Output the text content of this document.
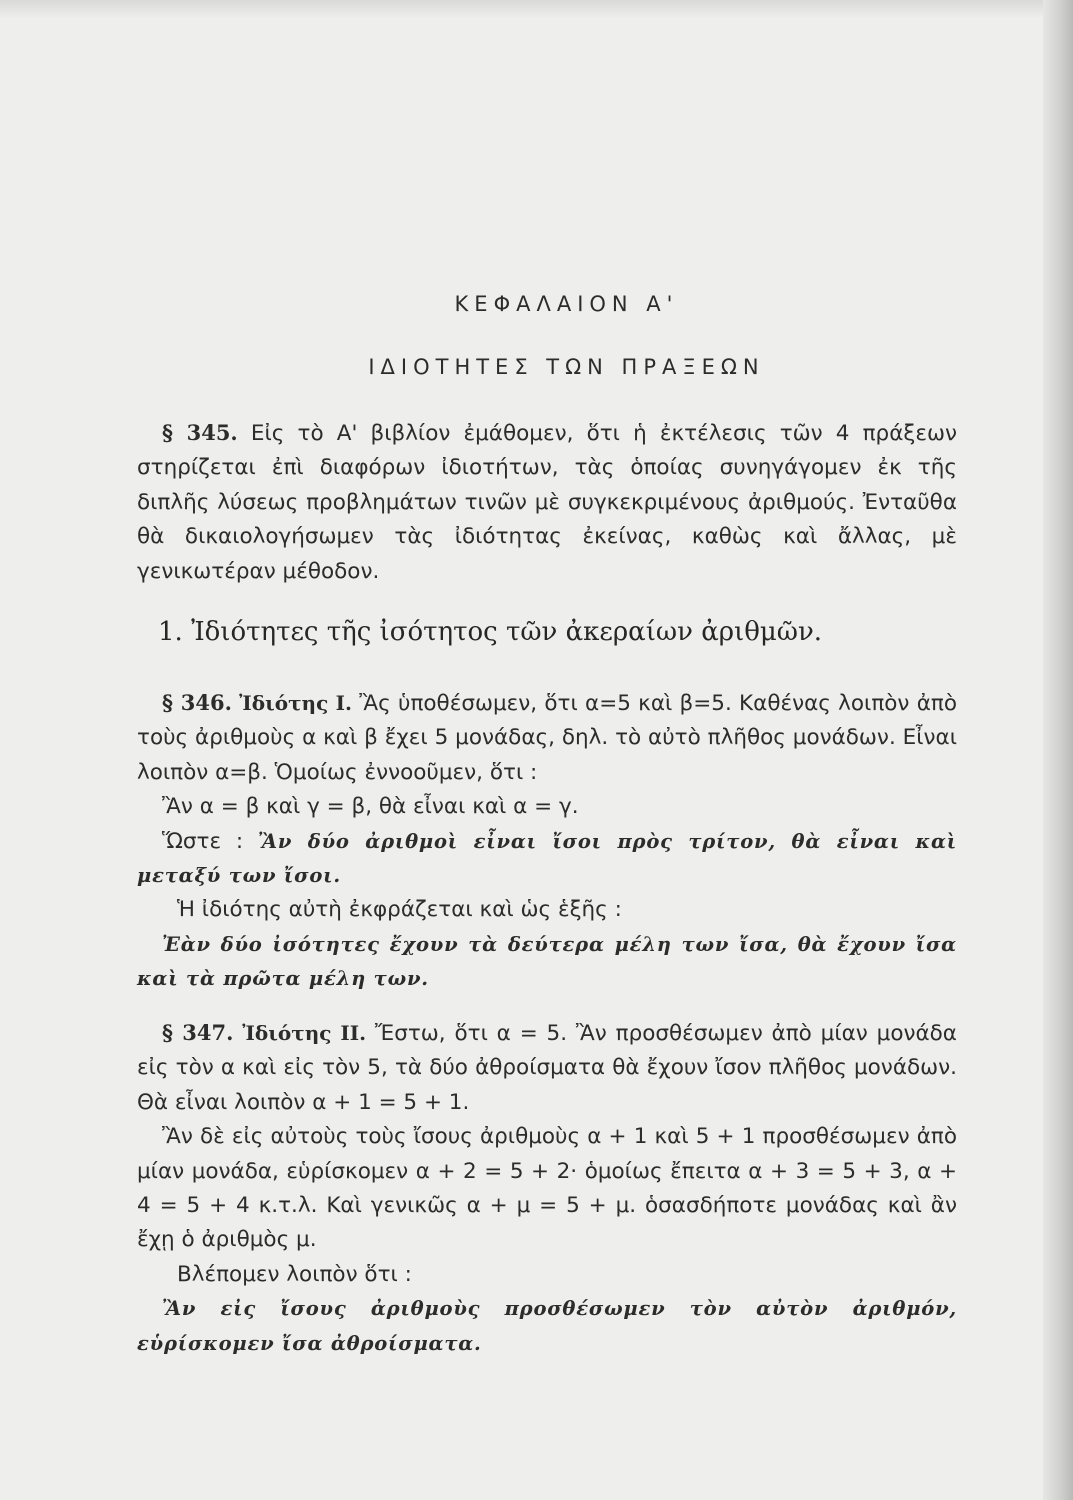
ΚΕΦΑΛΑΙΟΝ Α'
ΙΔΙΟΤΗΤΕΣ ΤΩΝ ΠΡΑΞΕΩΝ

§ 345. Εἰς τὸ Α' βιβλίον ἐμάθομεν, ὅτι ἡ ἐκτέλεσις τῶν 4 πράξεων στηρίζεται ἐπὶ διαφόρων ἰδιοτήτων, τὰς ὁποίας συνηγάγομεν ἐκ τῆς διπλῆς λύσεως προβλημάτων τινῶν μὲ συγκεκριμένους ἀριθμούς. Ἐνταῦθα θὰ δικαιολογήσωμεν τὰς ἰδιότητας ἐκείνας, καθὼς καὶ ἄλλας, μὲ γενικωτέραν μέθοδον.

1. Ἰδιότητες τῆς ἰσότητος τῶν ἀκεραίων ἀριθμῶν.

§ 346. Ἰδιότης Ι. Ἂς ὑποθέσωμεν, ὅτι α=5 καὶ β=5. Καθένας λοιπὸν ἀπὸ τοὺς ἀριθμοὺς α καὶ β ἔχει 5 μονάδας, δηλ. τὸ αὐτὸ πλῆθος μονάδων. Εἶναι λοιπὸν α=β. Ὁμοίως ἐννοοῦμεν, ὅτι :

Ἂν α = β καὶ γ = β, θὰ εἶναι καὶ α = γ.

Ὥστε : Ἂν δύο ἀριθμοὶ εἶναι ἴσοι πρὸς τρίτον, θὰ εἶναι καὶ μεταξύ των ἴσοι.

Ἡ ἰδιότης αὐτὴ ἐκφράζεται καὶ ὡς ἑξῆς :

Ἐὰν δύο ἰσότητες ἔχουν τὰ δεύτερα μέλη των ἴσα, θὰ ἔχουν ἴσα καὶ τὰ πρῶτα μέλη των.

§ 347. Ἰδιότης ΙΙ. Ἔστω, ὅτι α = 5. Ἂν προσθέσωμεν ἀπὸ μίαν μονάδα εἰς τὸν α καὶ εἰς τὸν 5, τὰ δύο ἀθροίσματα θὰ ἔχουν ἴσον πλῆθος μονάδων. Θὰ εἶναι λοιπὸν α + 1 = 5 + 1.

Ἂν δὲ εἰς αὐτοὺς τοὺς ἴσους ἀριθμοὺς α + 1 καὶ 5 + 1 προσθέσωμεν ἀπὸ μίαν μονάδα, εὑρίσκομεν α + 2 = 5 + 2· ὁμοίως ἔπειτα α + 3 = 5 + 3, α + 4 = 5 + 4 κ.τ.λ. Καὶ γενικῶς α + μ = 5 + μ. ὁσασδήποτε μονάδας καὶ ἂν ἔχῃ ὁ ἀριθμὸς μ.

Βλέπομεν λοιπὸν ὅτι :

Ἂν εἰς ἴσους ἀριθμοὺς προσθέσωμεν τὸν αὐτὸν ἀριθμόν, εὑρίσκομεν ἴσα ἀθροίσματα.
